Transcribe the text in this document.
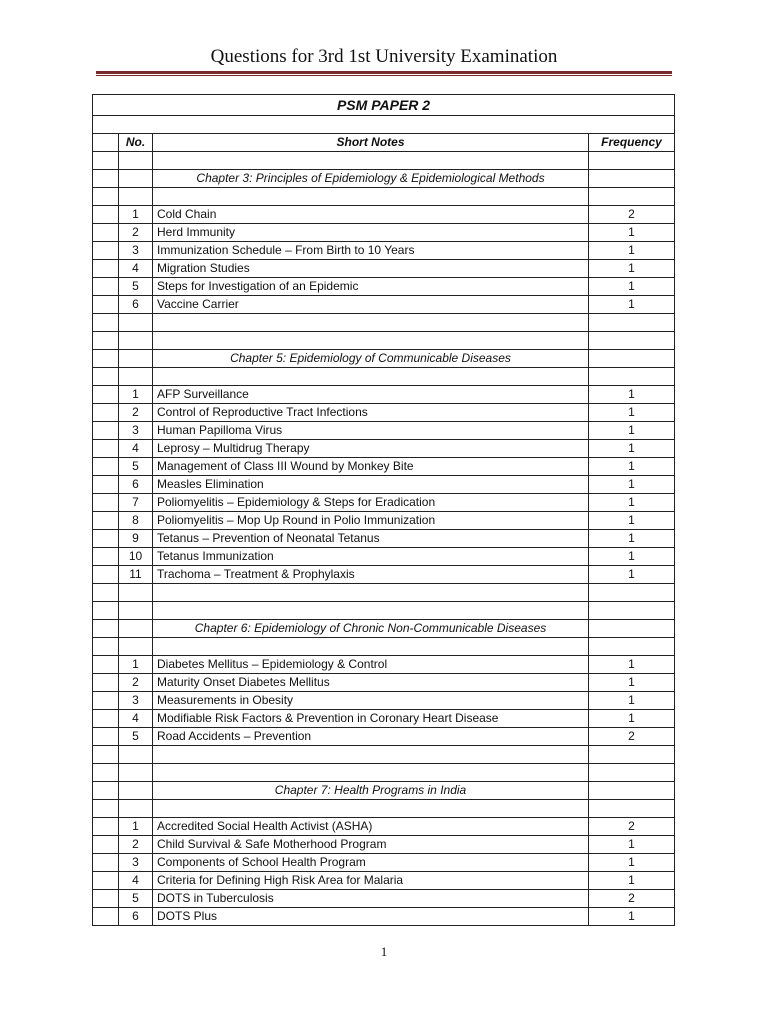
Questions for 3rd 1st University Examination
PSM PAPER 2			

	No.	Short Notes	Frequency

		Chapter 3: Principles of Epidemiology & Epidemiological Methods	

	1	Cold Chain	2
	2	Herd Immunity	1
	3	Immunization Schedule – From Birth to 10 Years	1
	4	Migration Studies	1
	5	Steps for Investigation of an Epidemic	1
	6	Vaccine Carrier	1

		Chapter 5: Epidemiology of Communicable Diseases	

	1	AFP Surveillance	1
	2	Control of Reproductive Tract Infections	1
	3	Human Papilloma Virus	1
	4	Leprosy – Multidrug Therapy	1
	5	Management of Class III Wound by Monkey Bite	1
	6	Measles Elimination	1
	7	Poliomyelitis – Epidemiology & Steps for Eradication	1
	8	Poliomyelitis – Mop Up Round in Polio Immunization	1
	9	Tetanus – Prevention of Neonatal Tetanus	1
	10	Tetanus Immunization	1
	11	Trachoma – Treatment & Prophylaxis	1

		Chapter 6: Epidemiology of Chronic Non-Communicable Diseases	

	1	Diabetes Mellitus – Epidemiology & Control	1
	2	Maturity Onset Diabetes Mellitus	1
	3	Measurements in Obesity	1
	4	Modifiable Risk Factors & Prevention in Coronary Heart Disease	1
	5	Road Accidents – Prevention	2

		Chapter 7: Health Programs in India	

	1	Accredited Social Health Activist (ASHA)	2
	2	Child Survival & Safe Motherhood Program	1
	3	Components of School Health Program	1
	4	Criteria for Defining High Risk Area for Malaria	1
	5	DOTS in Tuberculosis	2
	6	DOTS Plus	1
1
